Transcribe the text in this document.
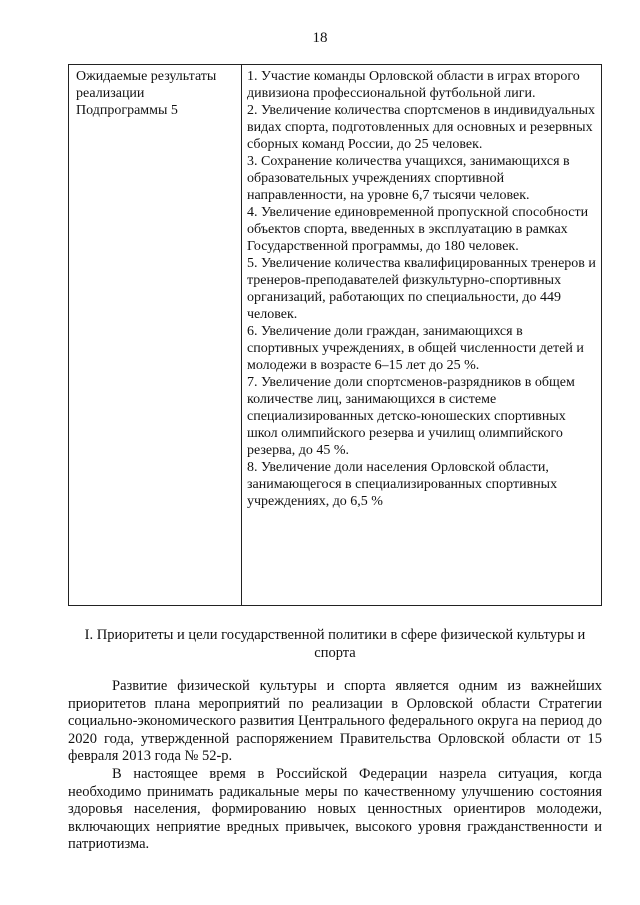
18
Ожидаемые результаты
реализации
Подпрограммы 5

1. Участие команды Орловской области в играх второго дивизиона профессиональной футбольной лиги.

2. Увеличение количества спортсменов в индивидуальных видах спорта, подготовленных для основных и резервных сборных команд России, до 25 человек.

3. Сохранение количества учащихся, занимающихся в образовательных учреждениях спортивной направленности, на уровне 6,7 тысячи человек.

4. Увеличение единовременной пропускной способности объектов спорта, введенных в эксплуатацию в рамках Государственной программы, до 180 человек.

5. Увеличение количества квалифицированных тренеров и тренеров-преподавателей физкультурно-спортивных организаций, работающих по специальности, до 449 человек.

6. Увеличение доли граждан, занимающихся в спортивных учреждениях, в общей численности детей и молодежи в возрасте 6–15 лет до 25 %.

7. Увеличение доли спортсменов-разрядников в общем количестве лиц, занимающихся в системе специализированных детско-юношеских спортивных школ олимпийского резерва и училищ олимпийского резерва, до 45 %.

8. Увеличение доли населения Орловской области, занимающегося в специализированных спортивных учреждениях, до 6,5 %

I. Приоритеты и цели государственной политики в сфере физической культуры и спорта

Развитие физической культуры и спорта является одним из важнейших приоритетов плана мероприятий по реализации в Орловской области Стратегии социально-экономического развития Центрального федерального округа на период до 2020 года, утвержденной распоряжением Правительства Орловской области от 15 февраля 2013 года № 52-р.

В настоящее время в Российской Федерации назрела ситуация, когда необходимо принимать радикальные меры по качественному улучшению состояния здоровья населения, формированию новых ценностных ориентиров молодежи, включающих неприятие вредных привычек, высокого уровня гражданственности и патриотизма.
